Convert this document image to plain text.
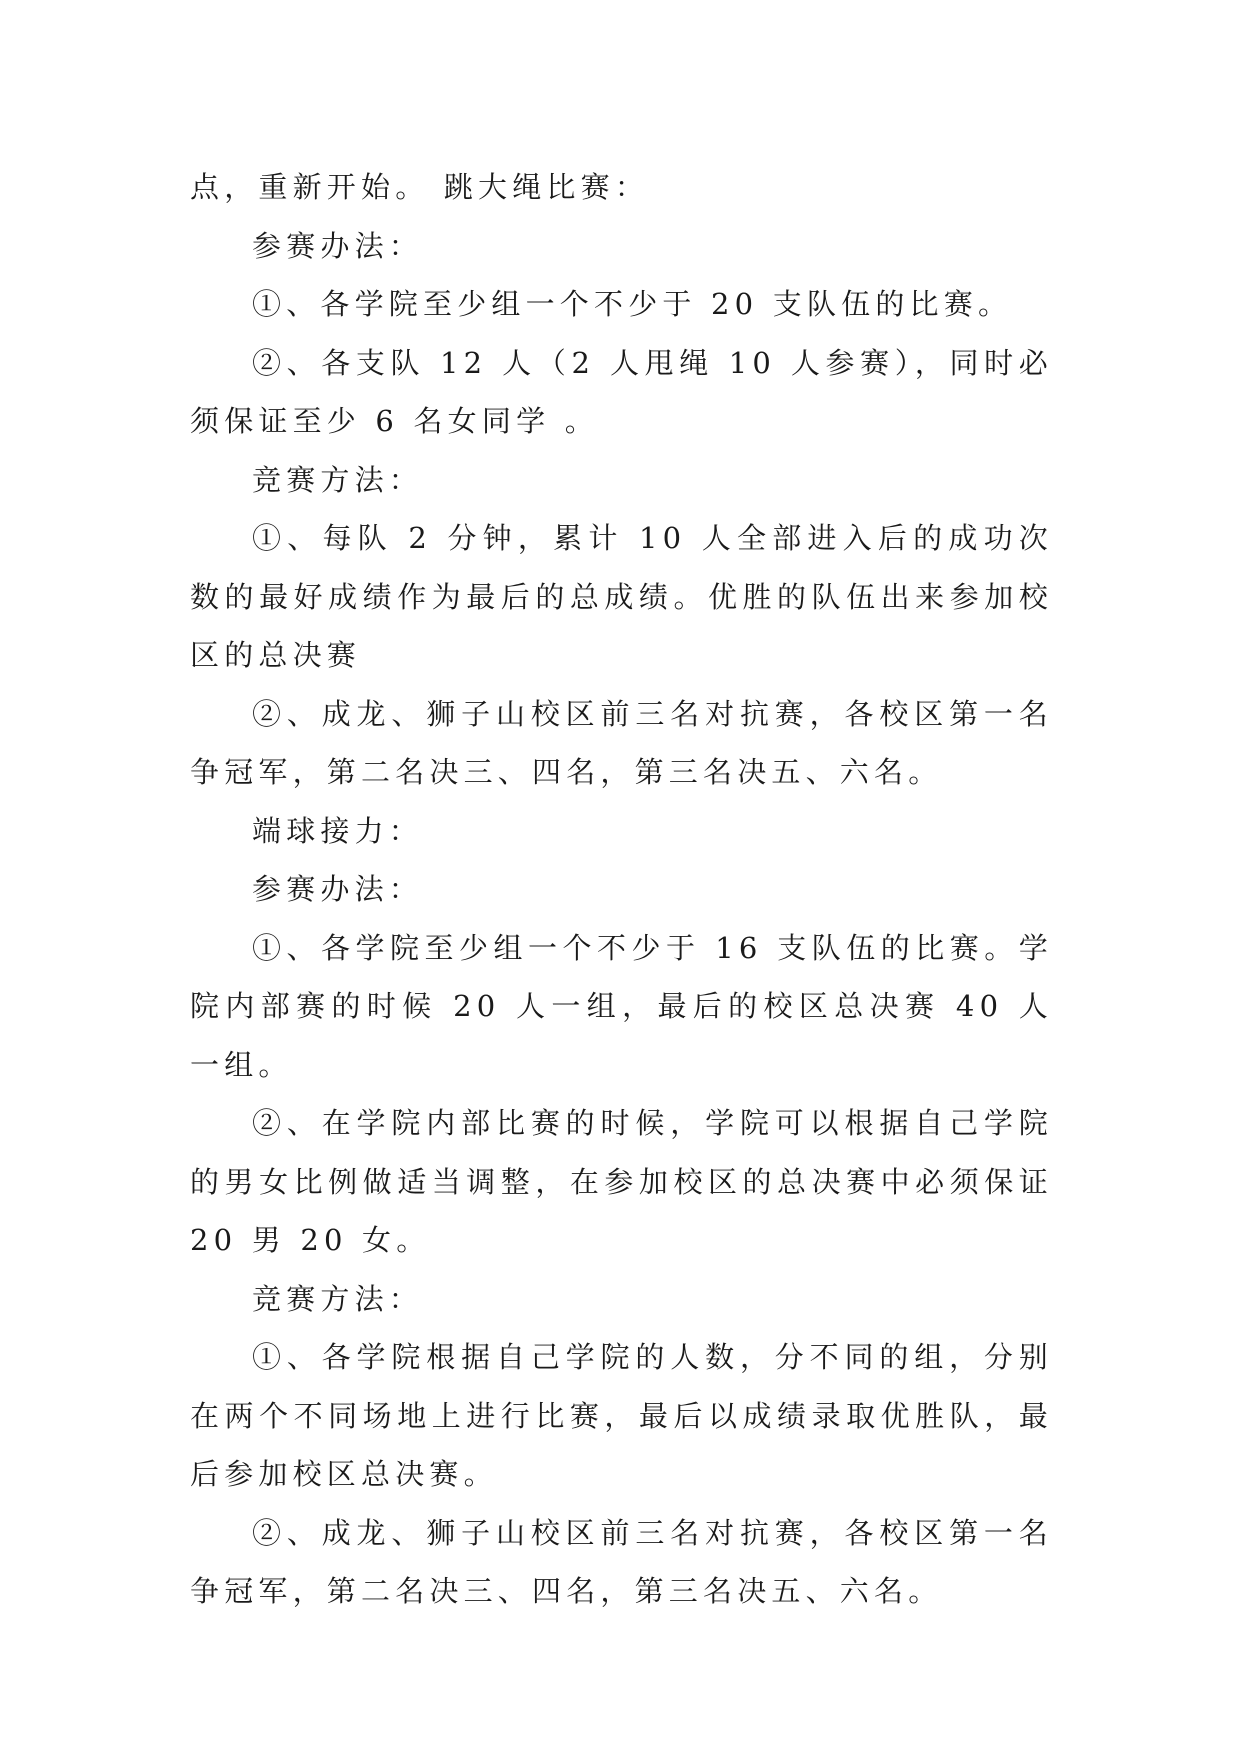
点，重新开始。 跳大绳比赛：

参赛办法：

①、各学院至少组一个不少于 20 支队伍的比赛。

②、各支队 12 人（2 人甩绳 10 人参赛），同时必须保证至少 6 名女同学 。

竞赛方法：

①、每队 2 分钟，累计 10 人全部进入后的成功次数的最好成绩作为最后的总成绩。优胜的队伍出来参加校区的总决赛

②、成龙、狮子山校区前三名对抗赛，各校区第一名争冠军，第二名决三、四名，第三名决五、六名。

端球接力：

参赛办法：

①、各学院至少组一个不少于 16 支队伍的比赛。学院内部赛的时候 20 人一组，最后的校区总决赛 40 人一组。

②、在学院内部比赛的时候，学院可以根据自己学院的男女比例做适当调整，在参加校区的总决赛中必须保证 20 男 20 女。

竞赛方法：

①、各学院根据自己学院的人数，分不同的组，分别在两个不同场地上进行比赛，最后以成绩录取优胜队，最后参加校区总决赛。

②、成龙、狮子山校区前三名对抗赛，各校区第一名争冠军，第二名决三、四名，第三名决五、六名。
